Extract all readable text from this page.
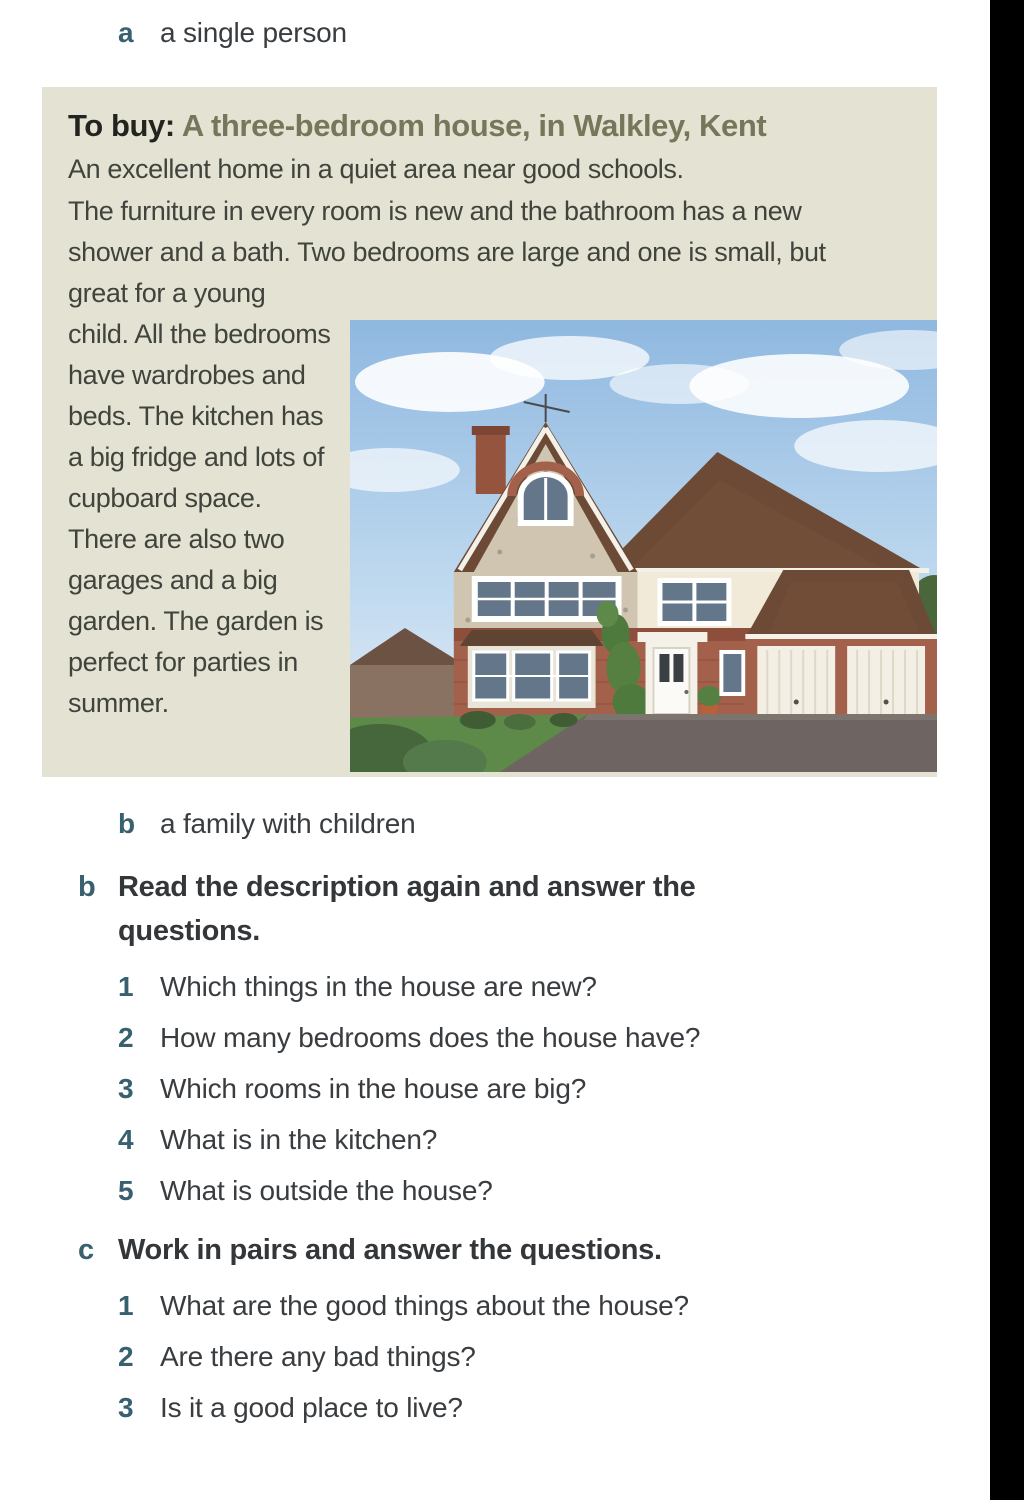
a a single person
To buy: A three-bedroom house, in Walkley, Kent

An excellent home in a quiet area near good schools.

The furniture in every room is new and the bathroom has a new shower and a bath. Two bedrooms are large and one is small, but great for a young

child. All the bedrooms have wardrobes and beds. The kitchen has a big fridge and lots of cupboard space. There are also two garages and a big garden. The garden is perfect for parties in summer.

b a family with children
b Read the description again and answer the questions.
1 Which things in the house are new?
2 How many bedrooms does the house have?
3 Which rooms in the house are big?
4 What is in the kitchen?
5 What is outside the house?
c Work in pairs and answer the questions.
1 What are the good things about the house?
2 Are there any bad things?
3 Is it a good place to live?
